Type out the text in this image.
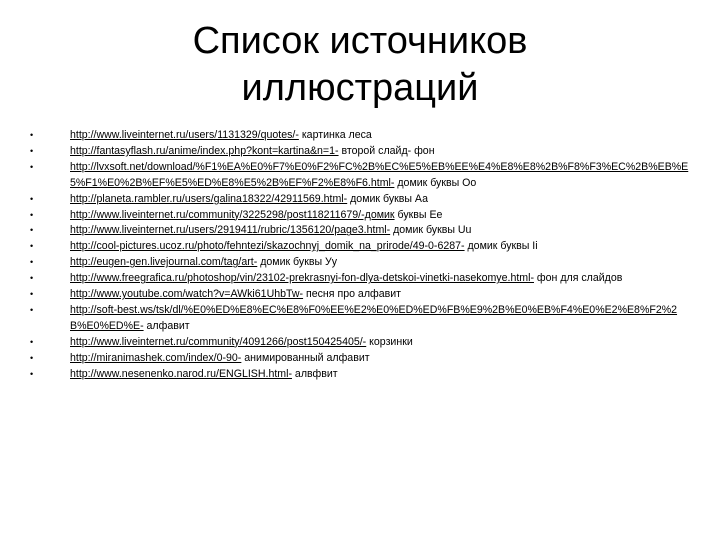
Список источников иллюстраций
•	http://www.liveinternet.ru/users/1131329/quotes/- картинка леса
•	http://fantasyflash.ru/anime/index.php?kont=kartina&n=1- второй слайд- фон
•	http://lvxsoft.net/download/%F1%EA%E0%F7%E0%F2%FC%2B%EC%E5%EB%EE%E4%E8%E8%2B%F8%F3%EC%2B%EB%E5%F1%E0%2B%EF%E5%ED%E8%E5%2B%EF%F2%E8%F6.html- домик буквы Оо
•	http://planeta.rambler.ru/users/galina18322/42911569.html- домик буквы Аа
•	http://www.liveinternet.ru/community/3225298/post118211679/-домик буквы Ее
•	http://www.liveinternet.ru/users/2919411/rubric/1356120/page3.html- домик буквы Uu
•	http://cool-pictures.ucoz.ru/photo/fehntezi/skazochnyj_domik_na_prirode/49-0-6287- домик буквы Ii
•	http://eugen-gen.livejournal.com/tag/art- домик буквы Уу
•	http://www.freegrafica.ru/photoshop/vin/23102-prekrasnyi-fon-dlya-detskoi-vinetki-nasekomye.html- фон для слайдов
•	http://www.youtube.com/watch?v=AWki61UhbTw- песня про алфавит
•	http://soft-best.ws/tsk/dl/%E0%ED%E8%EC%E8%F0%EE%E2%E0%ED%ED%FB%E9%2B%E0%EB%F4%E0%E2%E8%F2%2B%E0%ED%E- алфавит
•	http://www.liveinternet.ru/community/4091266/post150425405/- корзинки
•	http://miranimashek.com/index/0-90- анимированный алфавит
•	http://www.nesenenko.narod.ru/ENGLISH.html- алвфвит
